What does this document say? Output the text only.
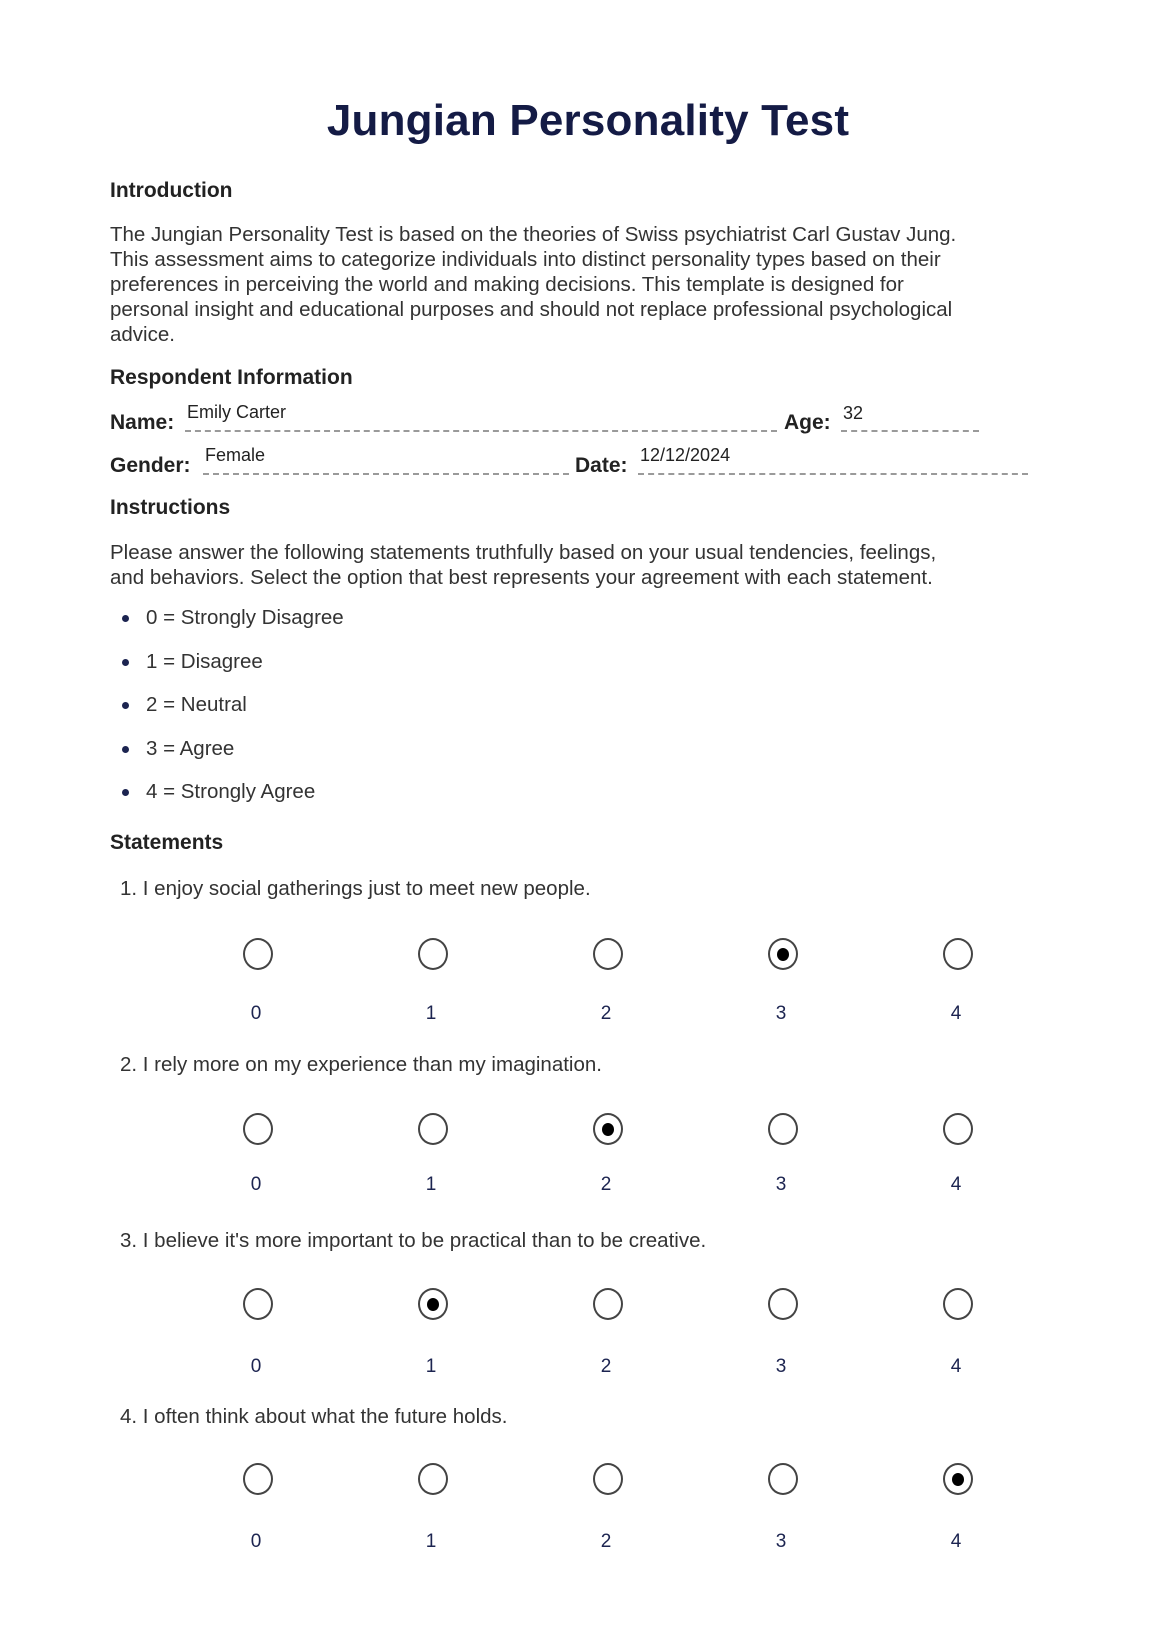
Jungian Personality Test
Introduction
The Jungian Personality Test is based on the theories of Swiss psychiatrist Carl Gustav Jung.
This assessment aims to categorize individuals into distinct personality types based on their
preferences in perceiving the world and making decisions. This template is designed for
personal insight and educational purposes and should not replace professional psychological
advice.
Respondent Information
Name: Emily Carter	Age: 32
Gender: Female	Date: 12/12/2024
Instructions
Please answer the following statements truthfully based on your usual tendencies, feelings,
and behaviors. Select the option that best represents your agreement with each statement.
0 = Strongly Disagree
1 = Disagree
2 = Neutral
3 = Agree
4 = Strongly Agree
Statements
1. I enjoy social gatherings just to meet new people.
0	1	2	3	4
2. I rely more on my experience than my imagination.
0	1	2	3	4
3. I believe it's more important to be practical than to be creative.
0	1	2	3	4
4. I often think about what the future holds.
0	1	2	3	4
